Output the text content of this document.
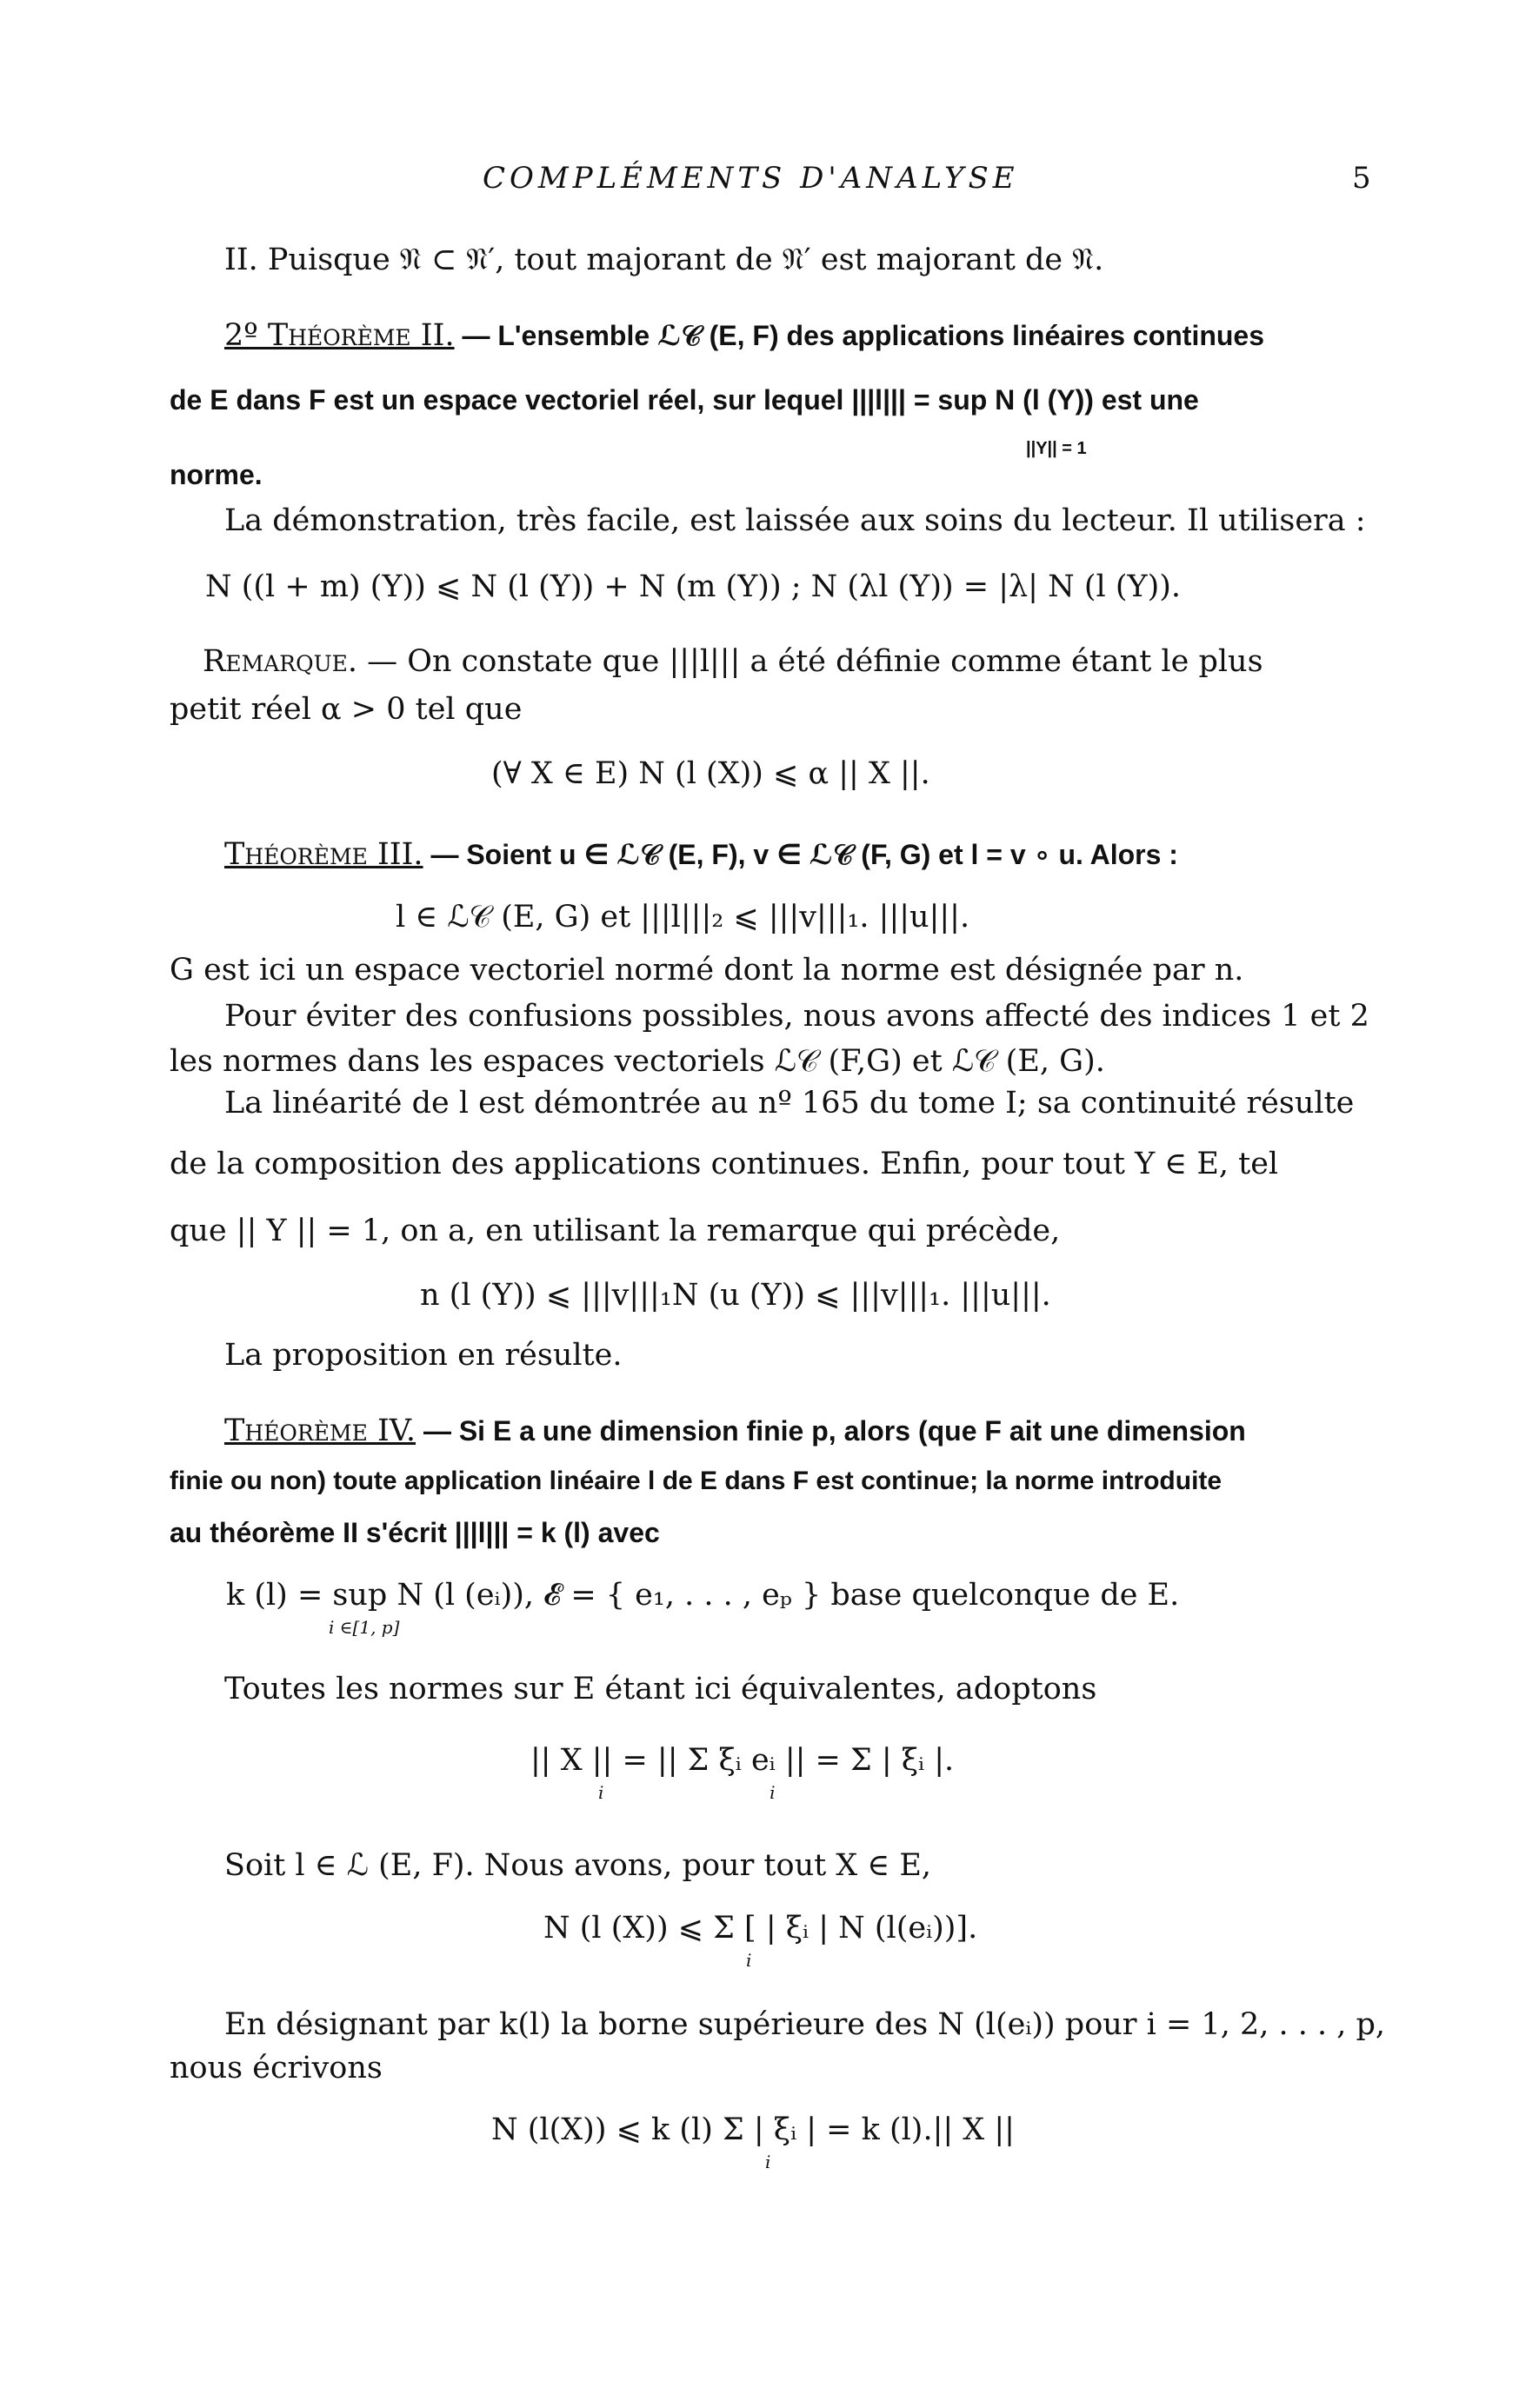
COMPLÉMENTS D'ANALYSE	5
II. Puisque 𝔑 ⊂ 𝔑′, tout majorant de 𝔑′ est majorant de 𝔑.
2º Théorème II. — L'ensemble ℒ𝒞 (E, F) des applications linéaires continues
de E dans F est un espace vectoriel réel, sur lequel |||l||| = sup N (l (Y)) est une
||Y|| = 1
norme.
La démonstration, très facile, est laissée aux soins du lecteur. Il utilisera :
N ((l + m) (Y)) ⩽ N (l (Y)) + N (m (Y)) ; N (λl (Y)) = |λ| N (l (Y)).
Remarque. — On constate que |||l||| a été définie comme étant le plus
petit réel α > 0 tel que
(∀ X ∈ E) N (l (X)) ⩽ α || X ||.
Théorème III. — Soient u ∈ ℒ𝒞 (E, F), v ∈ ℒ𝒞 (F, G) et l = v ∘ u. Alors :
l ∈ ℒ𝒞 (E, G) et |||l|||₂ ⩽ |||v|||₁. |||u|||.
G est ici un espace vectoriel normé dont la norme est désignée par n.
Pour éviter des confusions possibles, nous avons affecté des indices 1 et 2
les normes dans les espaces vectoriels ℒ𝒞 (F,G) et ℒ𝒞 (E, G).
La linéarité de l est démontrée au nº 165 du tome I; sa continuité résulte
de la composition des applications continues. Enfin, pour tout Y ∈ E, tel
que || Y || = 1, on a, en utilisant la remarque qui précède,
n (l (Y)) ⩽ |||v|||₁N (u (Y)) ⩽ |||v|||₁. |||u|||.
La proposition en résulte.
Théorème IV. — Si E a une dimension finie p, alors (que F ait une dimension
finie ou non) toute application linéaire l de E dans F est continue; la norme introduite
au théorème II s'écrit |||l||| = k (l) avec
k (l) = sup N (l (eᵢ)), 𝓔 = { e₁, . . . , eₚ } base quelconque de E.
i ∈[1, p]
Toutes les normes sur E étant ici équivalentes, adoptons
|| X || = || Σ ξᵢ eᵢ || = Σ | ξᵢ |.
i                              i
Soit l ∈ ℒ (E, F). Nous avons, pour tout X ∈ E,
N (l (X)) ⩽ Σ [ | ξᵢ | N (l(eᵢ))].
i
En désignant par k(l) la borne supérieure des N (l(eᵢ)) pour i = 1, 2, . . . , p,
nous écrivons
N (l(X)) ⩽ k (l) Σ | ξᵢ | = k (l).|| X ||
i
